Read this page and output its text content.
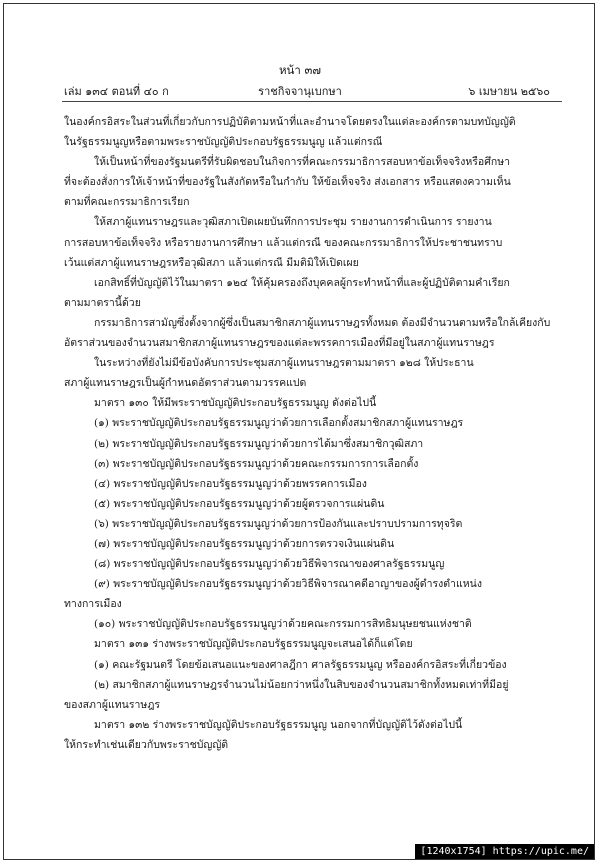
หน้า ๓๗
เล่ม ๑๓๔ ตอนที่ ๔๐ ก	ราชกิจจานุเบกษา	๖ เมษายน ๒๕๖๐
ในองค์กรอิสระในส่วนที่เกี่ยวกับการปฏิบัติตามหน้าที่และอำนาจโดยตรงในแต่ละองค์กรตามบทบัญญัติ
ในรัฐธรรมนูญหรือตามพระราชบัญญัติประกอบรัฐธรรมนูญ แล้วแต่กรณี
ให้เป็นหน้าที่ของรัฐมนตรีที่รับผิดชอบในกิจการที่คณะกรรมาธิการสอบหาข้อเท็จจริงหรือศึกษา
ที่จะต้องสั่งการให้เจ้าหน้าที่ของรัฐในสังกัดหรือในกำกับ ให้ข้อเท็จจริง ส่งเอกสาร หรือแสดงความเห็น
ตามที่คณะกรรมาธิการเรียก
ให้สภาผู้แทนราษฎรและวุฒิสภาเปิดเผยบันทึกการประชุม รายงานการดำเนินการ รายงาน
การสอบหาข้อเท็จจริง หรือรายงานการศึกษา แล้วแต่กรณี ของคณะกรรมาธิการให้ประชาชนทราบ
เว้นแต่สภาผู้แทนราษฎรหรือวุฒิสภา แล้วแต่กรณี มีมติมิให้เปิดเผย
เอกสิทธิ์ที่บัญญัติไว้ในมาตรา ๑๒๔ ให้คุ้มครองถึงบุคคลผู้กระทำหน้าที่และผู้ปฏิบัติตามคำเรียก
ตามมาตรานี้ด้วย
กรรมาธิการสามัญซึ่งตั้งจากผู้ซึ่งเป็นสมาชิกสภาผู้แทนราษฎรทั้งหมด ต้องมีจำนวนตามหรือใกล้เคียงกับ
อัตราส่วนของจำนวนสมาชิกสภาผู้แทนราษฎรของแต่ละพรรคการเมืองที่มีอยู่ในสภาผู้แทนราษฎร
ในระหว่างที่ยังไม่มีข้อบังคับการประชุมสภาผู้แทนราษฎรตามมาตรา ๑๒๘ ให้ประธาน
สภาผู้แทนราษฎรเป็นผู้กำหนดอัตราส่วนตามวรรคแปด
มาตรา ๑๓๐ ให้มีพระราชบัญญัติประกอบรัฐธรรมนูญ ดังต่อไปนี้
(๑) พระราชบัญญัติประกอบรัฐธรรมนูญว่าด้วยการเลือกตั้งสมาชิกสภาผู้แทนราษฎร
(๒) พระราชบัญญัติประกอบรัฐธรรมนูญว่าด้วยการได้มาซึ่งสมาชิกวุฒิสภา
(๓) พระราชบัญญัติประกอบรัฐธรรมนูญว่าด้วยคณะกรรมการการเลือกตั้ง
(๔) พระราชบัญญัติประกอบรัฐธรรมนูญว่าด้วยพรรคการเมือง
(๕) พระราชบัญญัติประกอบรัฐธรรมนูญว่าด้วยผู้ตรวจการแผ่นดิน
(๖) พระราชบัญญัติประกอบรัฐธรรมนูญว่าด้วยการป้องกันและปราบปรามการทุจริต
(๗) พระราชบัญญัติประกอบรัฐธรรมนูญว่าด้วยการตรวจเงินแผ่นดิน
(๘) พระราชบัญญัติประกอบรัฐธรรมนูญว่าด้วยวิธีพิจารณาของศาลรัฐธรรมนูญ
(๙) พระราชบัญญัติประกอบรัฐธรรมนูญว่าด้วยวิธีพิจารณาคดีอาญาของผู้ดำรงตำแหน่ง
ทางการเมือง
(๑๐) พระราชบัญญัติประกอบรัฐธรรมนูญว่าด้วยคณะกรรมการสิทธิมนุษยชนแห่งชาติ
มาตรา ๑๓๑ ร่างพระราชบัญญัติประกอบรัฐธรรมนูญจะเสนอได้ก็แต่โดย
(๑) คณะรัฐมนตรี โดยข้อเสนอแนะของศาลฎีกา ศาลรัฐธรรมนูญ หรือองค์กรอิสระที่เกี่ยวข้อง
(๒) สมาชิกสภาผู้แทนราษฎรจำนวนไม่น้อยกว่าหนึ่งในสิบของจำนวนสมาชิกทั้งหมดเท่าที่มีอยู่
ของสภาผู้แทนราษฎร
มาตรา ๑๓๒ ร่างพระราชบัญญัติประกอบรัฐธรรมนูญ นอกจากที่บัญญัติไว้ดังต่อไปนี้
ให้กระทำเช่นเดียวกับพระราชบัญญัติ
[1240x1754] https://upic.me/
